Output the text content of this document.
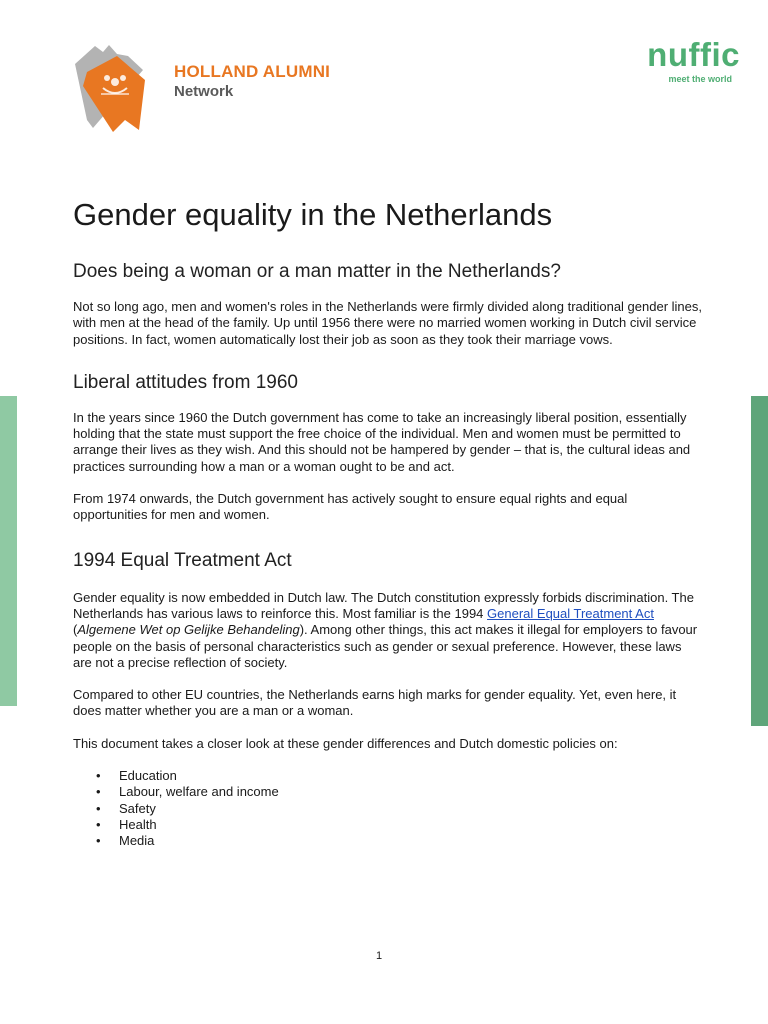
HOLLAND ALUMNI
Network
nuffic
meet the world
Gender equality in the Netherlands
Does being a woman or a man matter in the Netherlands?

Not so long ago, men and women's roles in the Netherlands were firmly divided along traditional gender lines, with men at the head of the family. Up until 1956 there were no married women working in Dutch civil service positions. In fact, women automatically lost their job as soon as they took their marriage vows.

Liberal attitudes from 1960

In the years since 1960 the Dutch government has come to take an increasingly liberal position, essentially holding that the state must support the free choice of the individual. Men and women must be permitted to arrange their lives as they wish. And this should not be hampered by gender – that is, the cultural ideas and practices surrounding how a man or a woman ought to be and act.

From 1974 onwards, the Dutch government has actively sought to ensure equal rights and equal opportunities for men and women.

1994 Equal Treatment Act

Gender equality is now embedded in Dutch law. The Dutch constitution expressly forbids discrimination. The Netherlands has various laws to reinforce this. Most familiar is the 1994 General Equal Treatment Act (Algemene Wet op Gelijke Behandeling). Among other things, this act makes it illegal for employers to favour people on the basis of personal characteristics such as gender or sexual preference. However, these laws are not a precise reflection of society.

Compared to other EU countries, the Netherlands earns high marks for gender equality. Yet, even here, it does matter whether you are a man or a woman.

This document takes a closer look at these gender differences and Dutch domestic policies on:

• Education
• Labour, welfare and income
• Safety
• Health
• Media
1
